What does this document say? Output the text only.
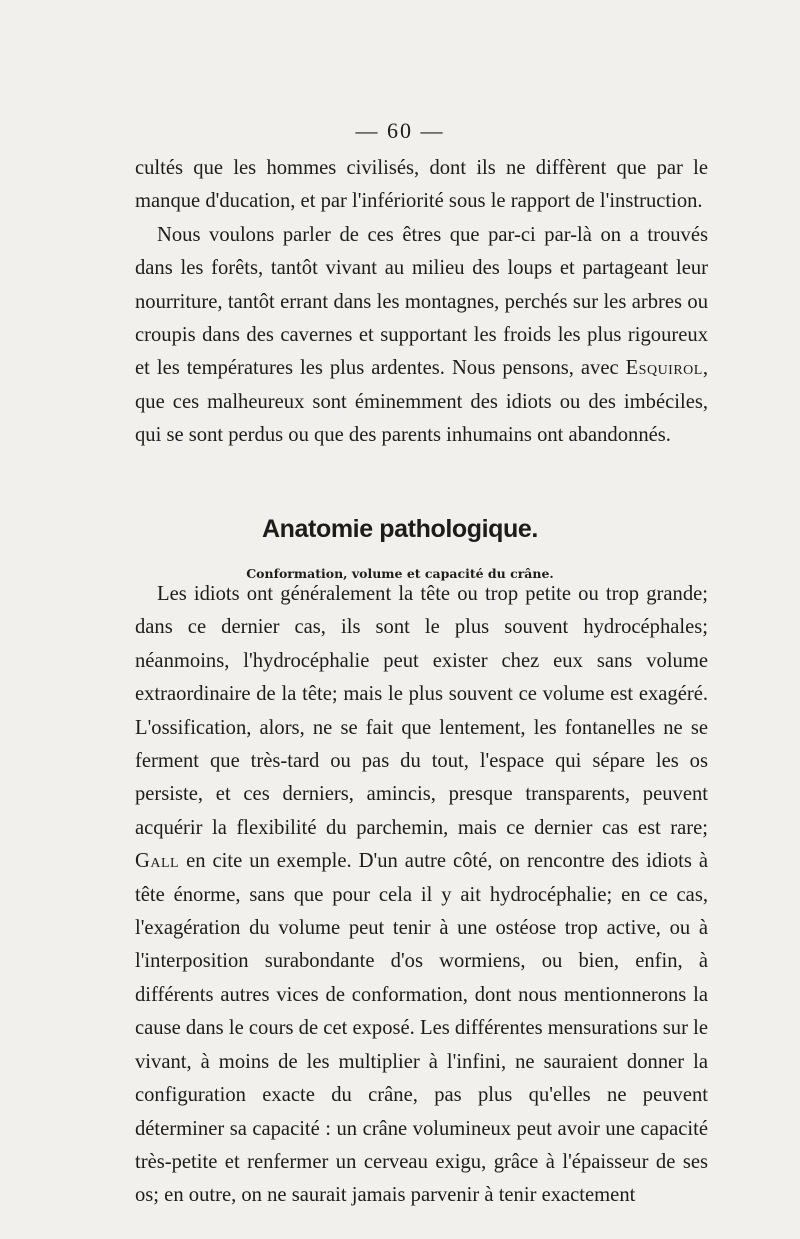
— 60 —

cultés que les hommes civilisés, dont ils ne diffèrent que par le manque d'ducation, et par l'infériorité sous le rapport de l'instruction.

Nous voulons parler de ces êtres que par-ci par-là on a trouvés dans les forêts, tantôt vivant au milieu des loups et partageant leur nourriture, tantôt errant dans les montagnes, perchés sur les arbres ou croupis dans des cavernes et supportant les froids les plus rigoureux et les températures les plus ardentes. Nous pensons, avec Esquirol, que ces malheureux sont éminemment des idiots ou des imbéciles, qui se sont perdus ou que des parents inhumains ont abandonnés.

Anatomie pathologique.
Conformation, volume et capacité du crâne.

Les idiots ont généralement la tête ou trop petite ou trop grande; dans ce dernier cas, ils sont le plus souvent hydrocéphales; néanmoins, l'hydrocéphalie peut exister chez eux sans volume extraordinaire de la tête; mais le plus souvent ce volume est exagéré. L'ossification, alors, ne se fait que lentement, les fontanelles ne se ferment que très-tard ou pas du tout, l'espace qui sépare les os persiste, et ces derniers, amincis, presque transparents, peuvent acquérir la flexibilité du parchemin, mais ce dernier cas est rare; Gall en cite un exemple. D'un autre côté, on rencontre des idiots à tête énorme, sans que pour cela il y ait hydrocéphalie; en ce cas, l'exagération du volume peut tenir à une ostéose trop active, ou à l'interposition surabondante d'os wormiens, ou bien, enfin, à différents autres vices de conformation, dont nous mentionnerons la cause dans le cours de cet exposé. Les différentes mensurations sur le vivant, à moins de les multiplier à l'infini, ne sauraient donner la configuration exacte du crâne, pas plus qu'elles ne peuvent déterminer sa capacité : un crâne volumineux peut avoir une capacité très-petite et renfermer un cerveau exigu, grâce à l'épaisseur de ses os; en outre, on ne saurait jamais parvenir à tenir exactement
